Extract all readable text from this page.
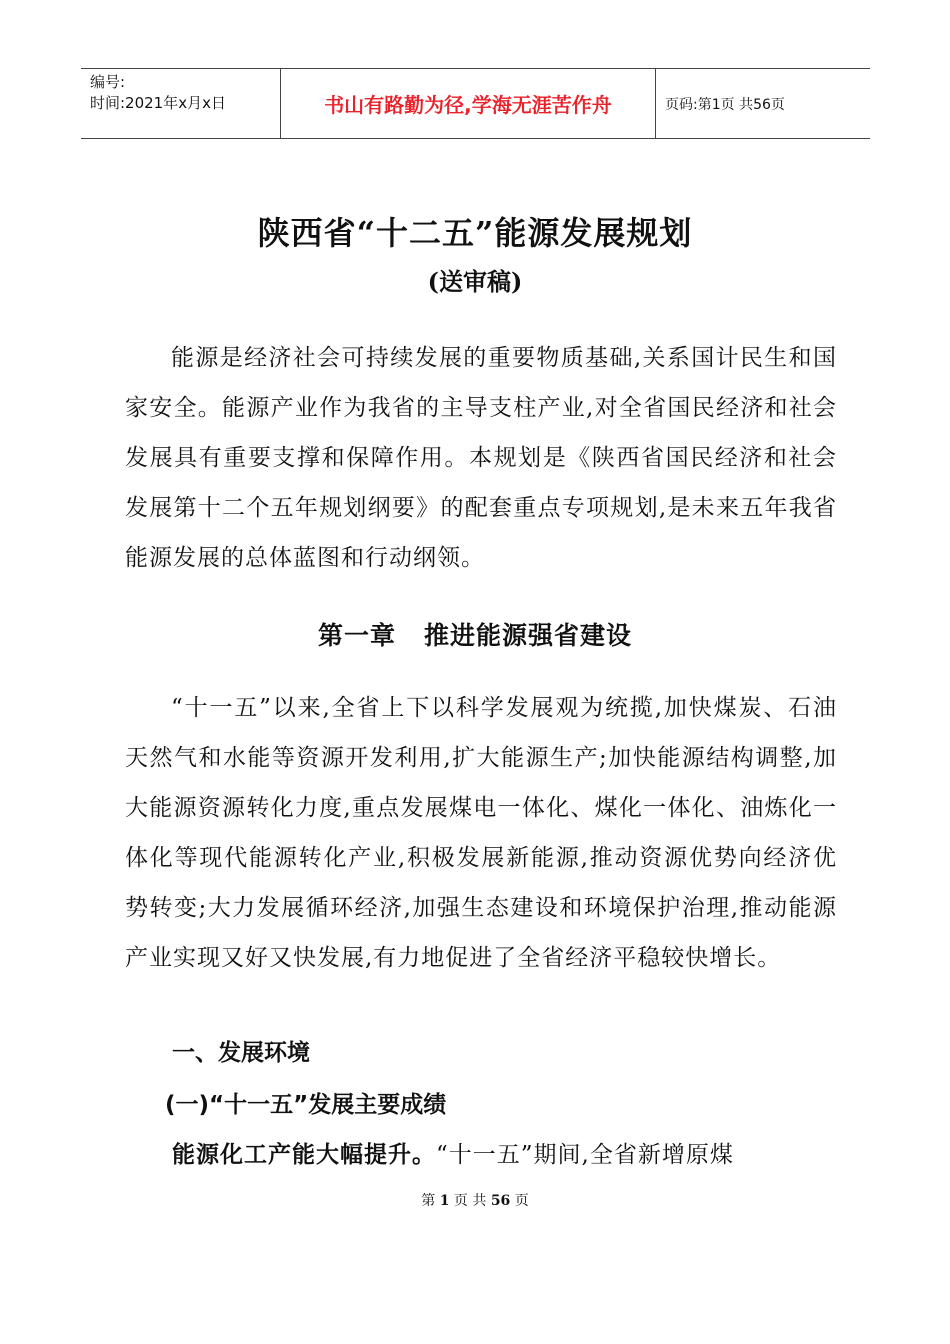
编号:
时间:2021年x月x日	书山有路勤为径,学海无涯苦作舟	页码:第1页 共56页
陕西省“十二五”能源发展规划
(送审稿)
能源是经济社会可持续发展的重要物质基础,关系国计民生和国家安全。能源产业作为我省的主导支柱产业,对全省国民经济和社会发展具有重要支撑和保障作用。本规划是《陕西省国民经济和社会发展第十二个五年规划纲要》的配套重点专项规划,是未来五年我省能源发展的总体蓝图和行动纲领。
第一章 推进能源强省建设
“十一五”以来,全省上下以科学发展观为统揽,加快煤炭、石油天然气和水能等资源开发利用,扩大能源生产;加快能源结构调整,加大能源资源转化力度,重点发展煤电一体化、煤化一体化、油炼化一体化等现代能源转化产业,积极发展新能源,推动资源优势向经济优势转变;大力发展循环经济,加强生态建设和环境保护治理,推动能源产业实现又好又快发展,有力地促进了全省经济平稳较快增长。
一、发展环境
(一)“十一五”发展主要成绩
能源化工产能大幅提升。“十一五”期间,全省新增原煤
第 1 页 共 56 页
